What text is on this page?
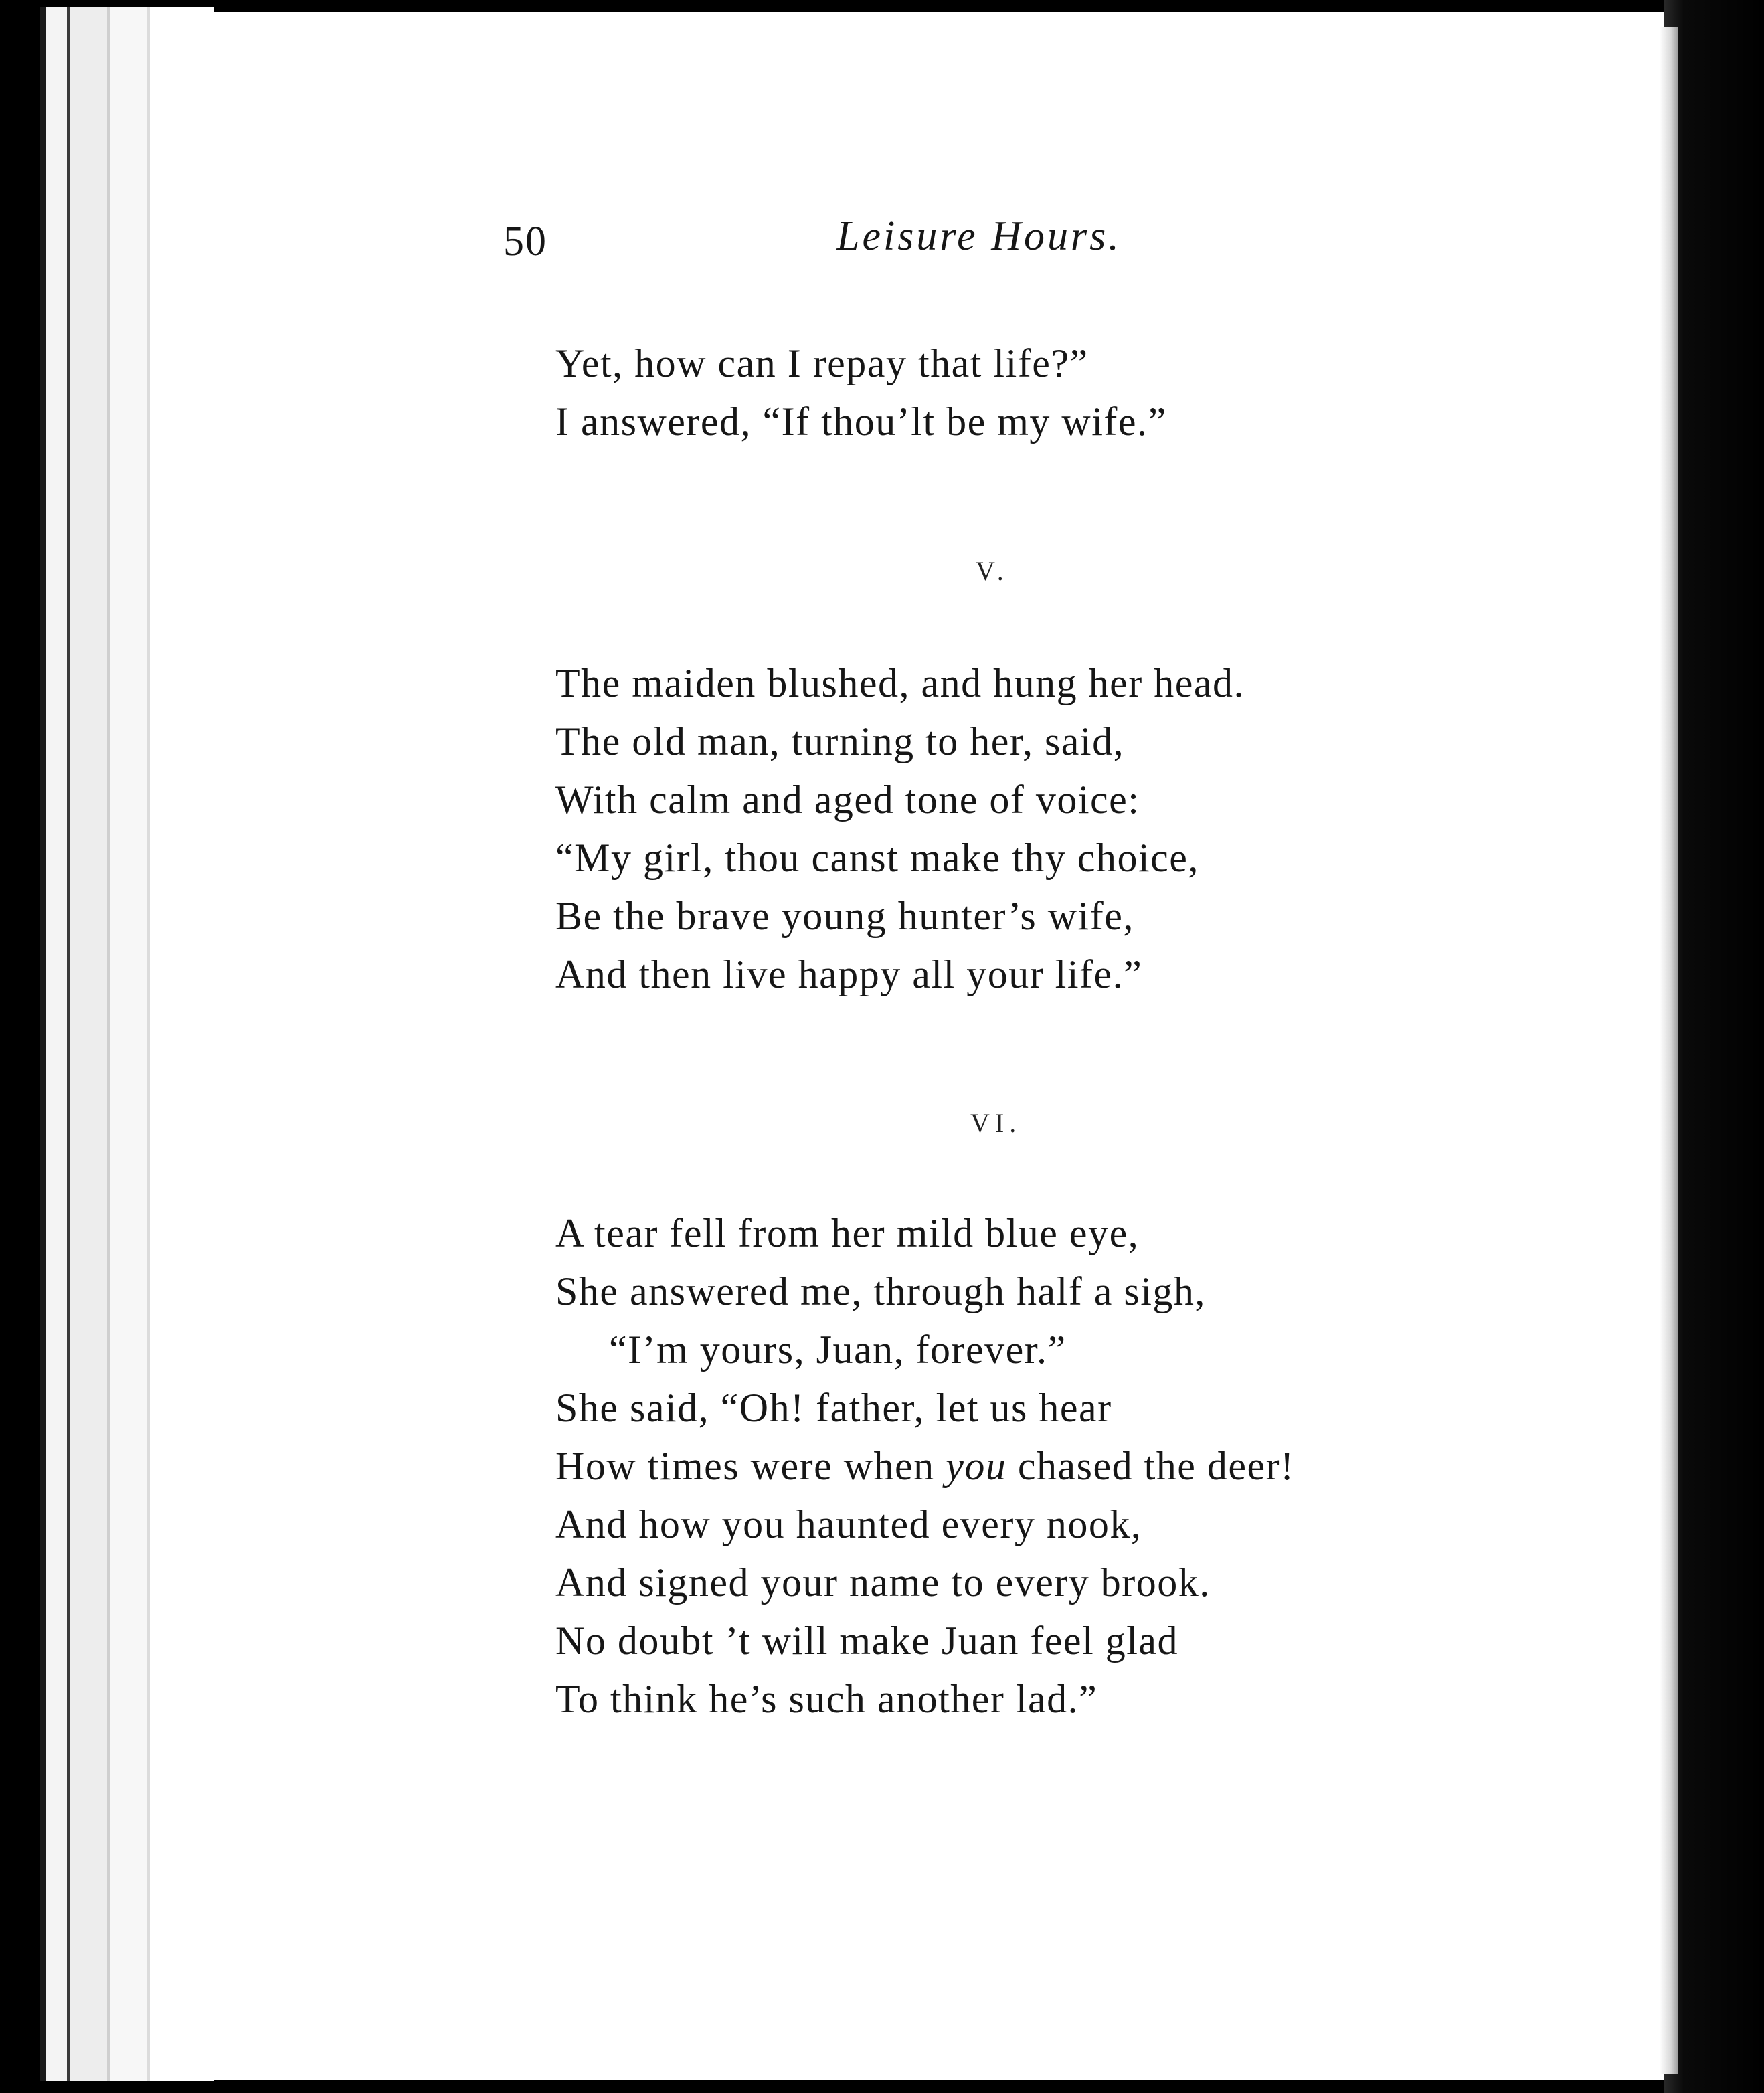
50	Leisure Hours.
Yet, how can I repay that life?”
I answered, “If thou’lt be my wife.”
V.
The maiden blushed, and hung her head.
The old man, turning to her, said,
With calm and aged tone of voice:
“My girl, thou canst make thy choice,
Be the brave young hunter’s wife,
And then live happy all your life.”
VI.
A tear fell from her mild blue eye,
She answered me, through half a sigh,
“I’m yours, Juan, forever.”
She said, “Oh! father, let us hear
How times were when you chased the deer!
And how you haunted every nook,
And signed your name to every brook.
No doubt ’t will make Juan feel glad
To think he’s such another lad.”
